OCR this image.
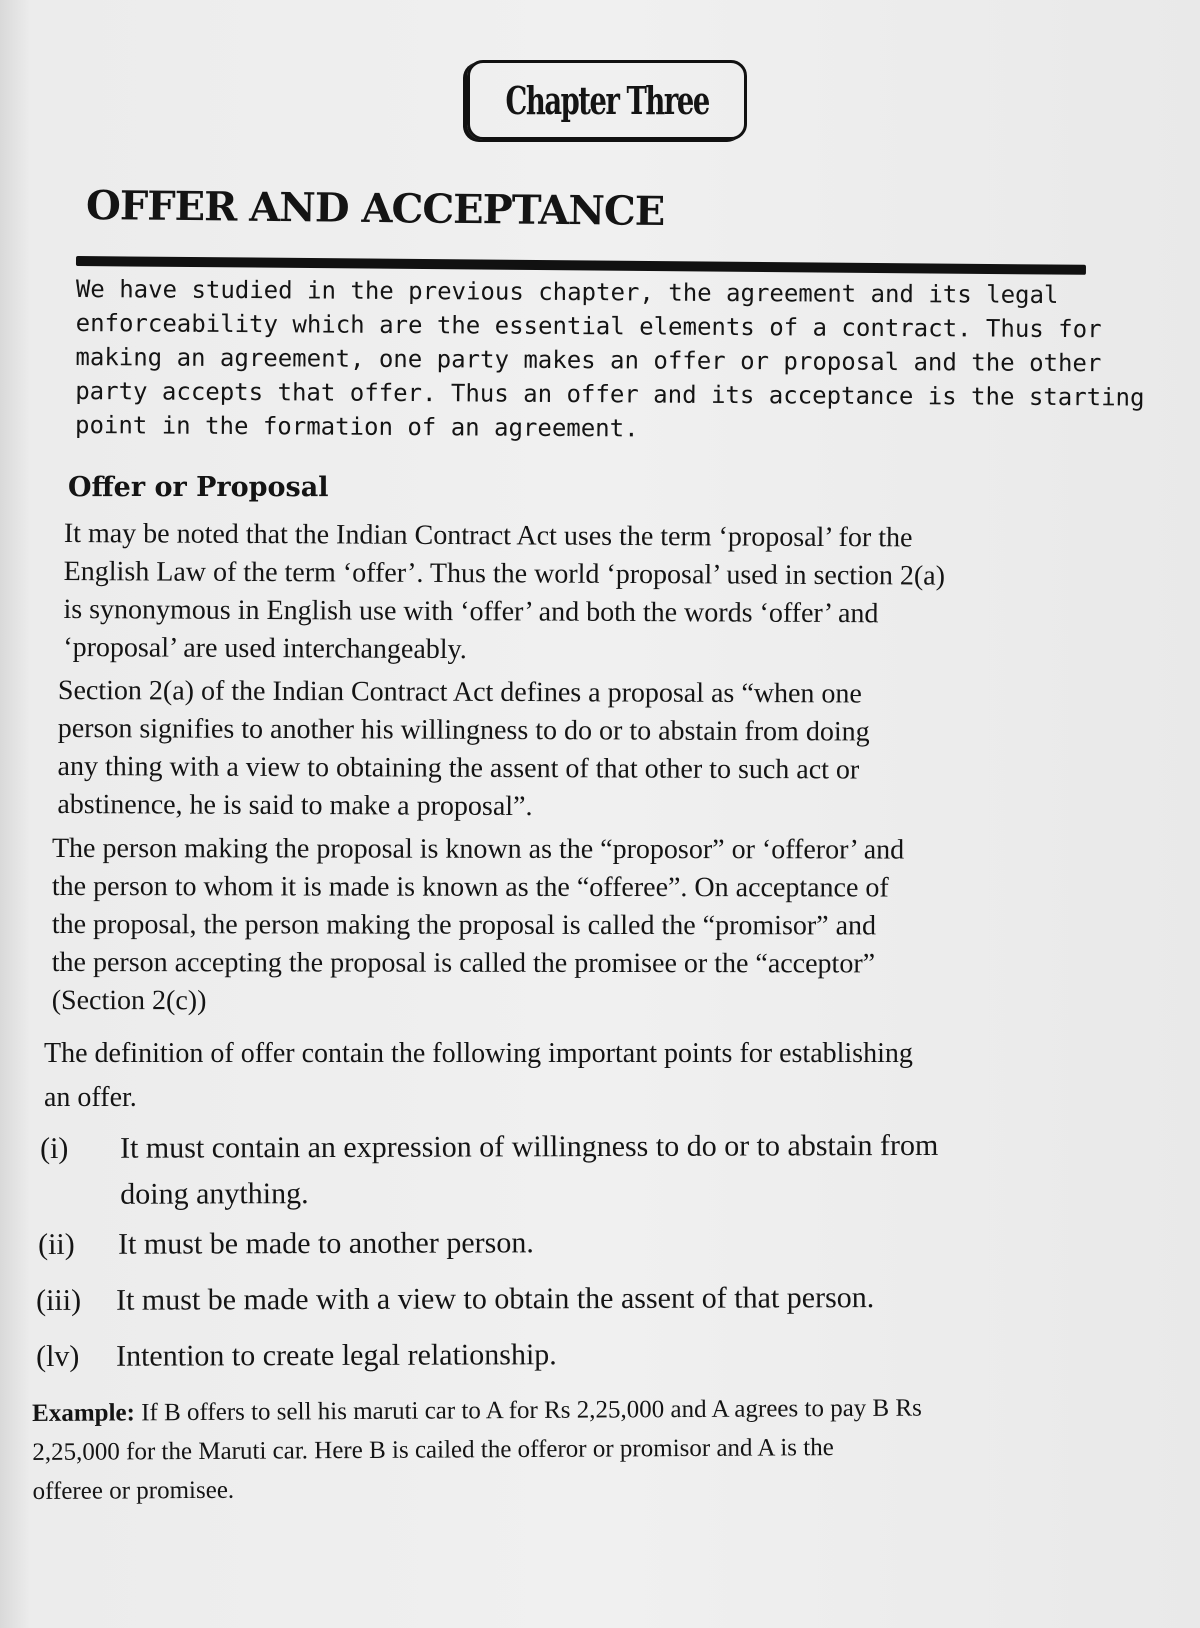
Chapter Three
OFFER AND ACCEPTANCE
We have studied in the previous chapter, the agreement and its legal
enforceability which are the essential elements of a contract. Thus for
making an agreement, one party makes an offer or proposal and the other
party accepts that offer. Thus an offer and its acceptance is the starting
point in the formation of an agreement.
Offer or Proposal
It may be noted that the Indian Contract Act uses the term ‘proposal’ for the
English Law of the term ‘offer’. Thus the world ‘proposal’ used in section 2(a)
is synonymous in English use with ‘offer’ and both the words ‘offer’ and
‘proposal’ are used interchangeably.
Section 2(a) of the Indian Contract Act defines a proposal as “when one
person signifies to another his willingness to do or to abstain from doing
any thing with a view to obtaining the assent of that other to such act or
abstinence, he is said to make a proposal”.
The person making the proposal is known as the “proposor” or ‘offeror’ and
the person to whom it is made is known as the “offeree”. On acceptance of
the proposal, the person making the proposal is called the “promisor” and
the person accepting the proposal is called the promisee or the “acceptor”
(Section 2(c))
The definition of offer contain the following important points for establishing
an offer.
(i) It must contain an expression of willingness to do or to abstain from
doing anything.
(ii) It must be made to another person.
(iii) It must be made with a view to obtain the assent of that person.
(lv) Intention to create legal relationship.
Example: If B offers to sell his maruti car to A for Rs 2,25,000 and A agrees to pay B Rs
2,25,000 for the Maruti car. Here B is cailed the offeror or promisor and A is the
offeree or promisee.
